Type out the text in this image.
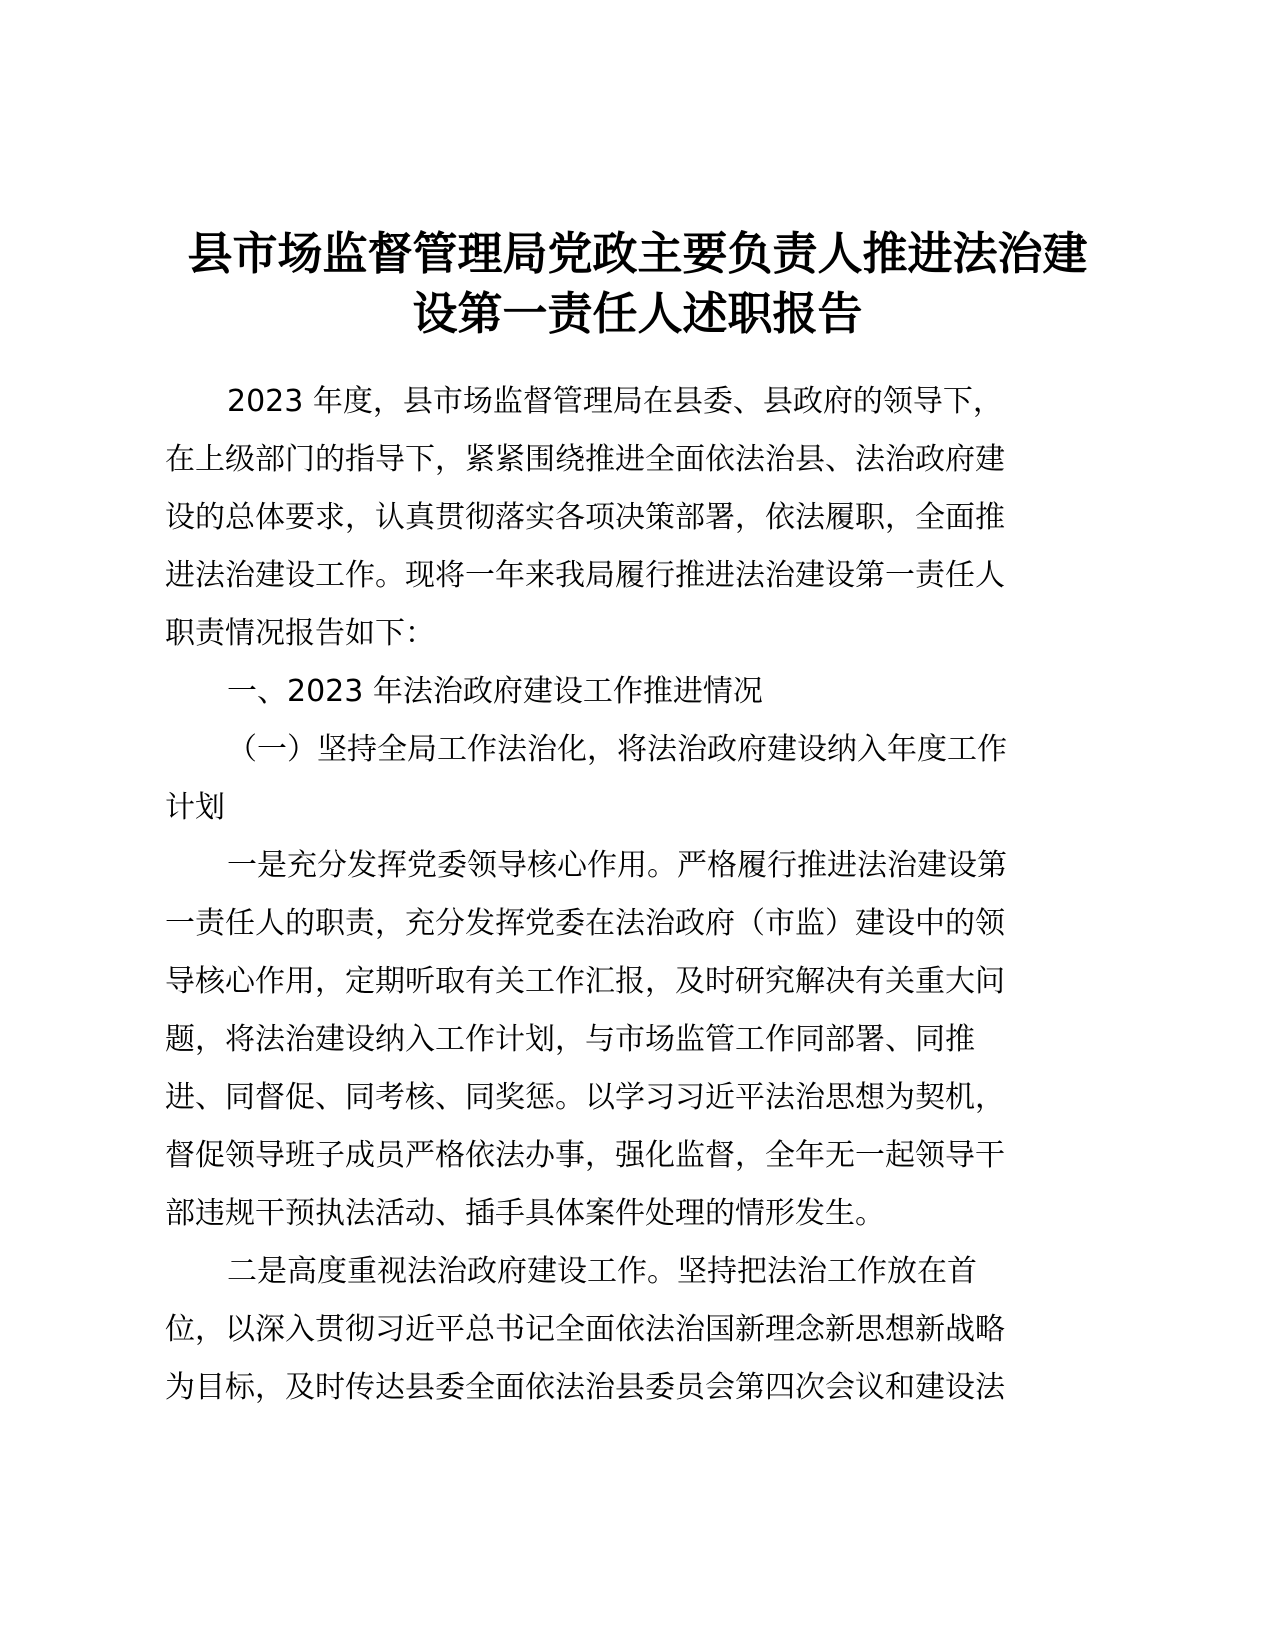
县市场监督管理局党政主要负责人推进法治建
设第一责任人述职报告
2023 年度，县市场监督管理局在县委、县政府的领导下，
在上级部门的指导下，紧紧围绕推进全面依法治县、法治政府建
设的总体要求，认真贯彻落实各项决策部署，依法履职，全面推
进法治建设工作。现将一年来我局履行推进法治建设第一责任人
职责情况报告如下：
一、2023 年法治政府建设工作推进情况
（一）坚持全局工作法治化，将法治政府建设纳入年度工作
计划
一是充分发挥党委领导核心作用。严格履行推进法治建设第
一责任人的职责，充分发挥党委在法治政府（市监）建设中的领
导核心作用，定期听取有关工作汇报，及时研究解决有关重大问
题，将法治建设纳入工作计划，与市场监管工作同部署、同推
进、同督促、同考核、同奖惩。以学习习近平法治思想为契机，
督促领导班子成员严格依法办事，强化监督，全年无一起领导干
部违规干预执法活动、插手具体案件处理的情形发生。
二是高度重视法治政府建设工作。坚持把法治工作放在首
位，以深入贯彻习近平总书记全面依法治国新理念新思想新战略
为目标，及时传达县委全面依法治县委员会第四次会议和建设法
